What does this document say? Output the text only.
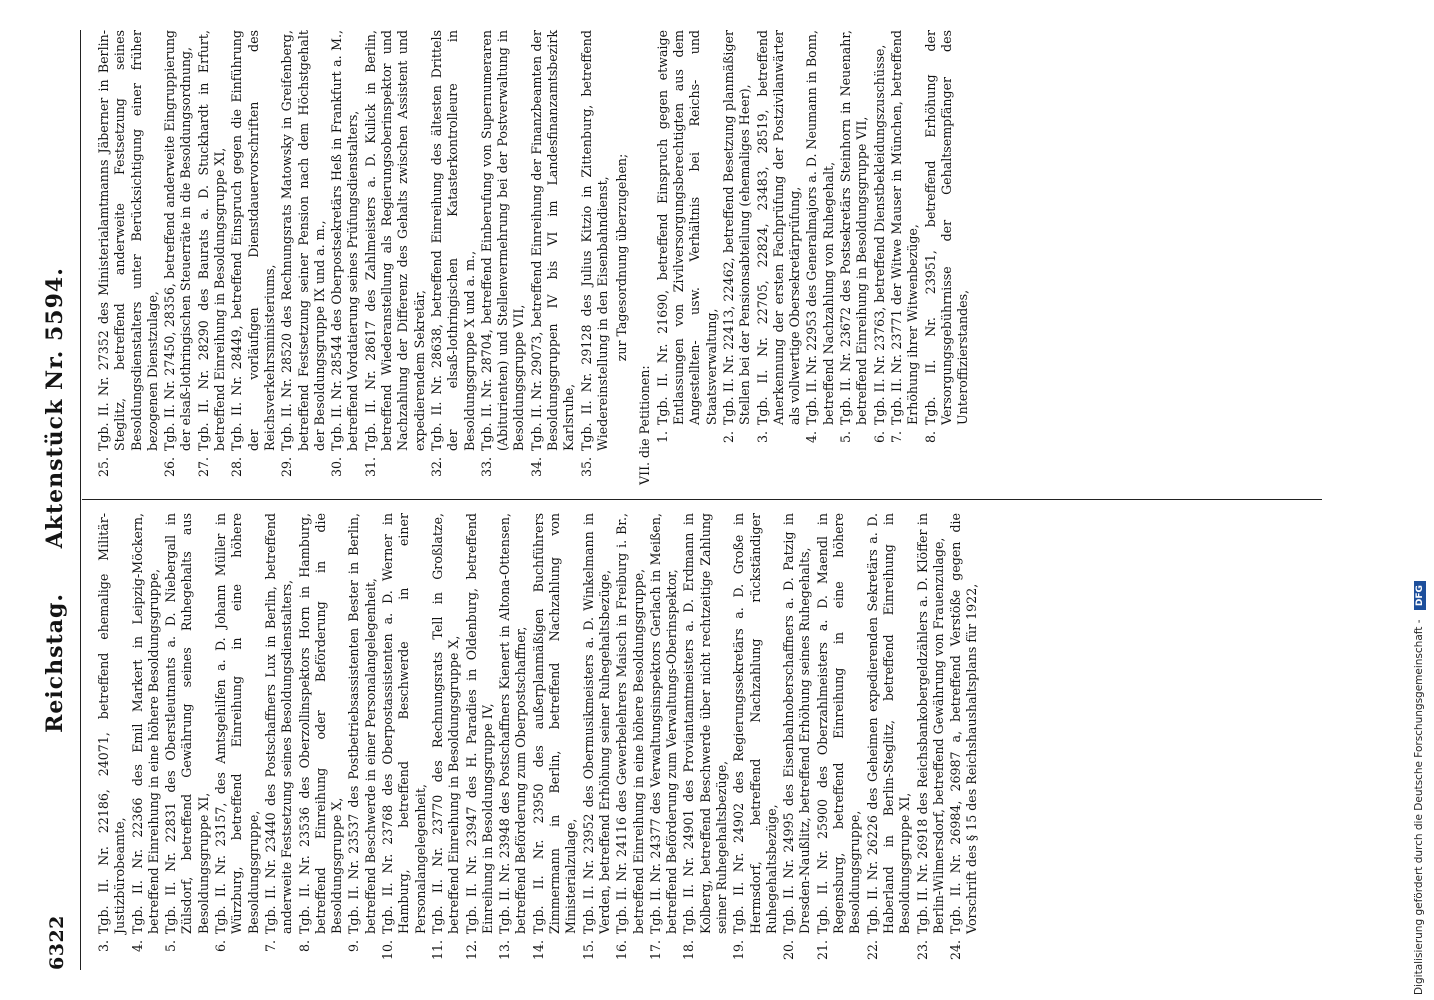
6322
Reichstag. Aktenstück Nr. 5594.
3.
Tgb. II. Nr. 22186, 24071, betreffend ehemalige Militär-Justizbürobeamte,
4.
Tgb. II. Nr. 22366 des Emil Markert in Leipzig-Möckern, betreffend Einreihung in eine höhere Besoldungsgruppe,
5.
Tgb. II. Nr. 22831 des Oberstleutnants a. D. Niebergall in Zülsdorf, betreffend Gewährung seines Ruhegehalts aus Besoldungsgruppe XI,
6.
Tgb. II. Nr. 23157, des Amtsgehilfen a. D. Johann Müller in Würzburg, betreffend Einreihung in eine höhere Besoldungsgruppe,
7.
Tgb. II. Nr. 23440 des Postschaffners Lux in Berlin, betreffend anderweite Festsetzung seines Besoldungsdienstalters,
8.
Tgb. II. Nr. 23536 des Oberzollinspektors Horn in Hamburg, betreffend Einreihung oder Beförderung in die Besoldungsgruppe X,
9.
Tgb. II. Nr. 23537 des Postbetriebsassistenten Bester in Berlin, betreffend Beschwerde in einer Personalangelegenheit,
10.
Tgb. II. Nr. 23768 des Oberpostassistenten a. D. Werner in Hamburg, betreffend Beschwerde in einer Personalangelegenheit,
11.
Tgb. II. Nr. 23770 des Rechnungsrats Tell in Großlatze, betreffend Einreihung in Besoldungsgruppe X,
12.
Tgb. II. Nr. 23947 des H. Paradies in Oldenburg, betreffend Einreihung in Besoldungsgruppe IV,
13.
Tgb. II. Nr. 23948 des Postschaffners Kienert in Altona-Ottensen, betreffend Beförderung zum Oberpostschaffner,
14.
Tgb. II. Nr. 23950 des außerplanmäßigen Buchführers Zimmermann in Berlin, betreffend Nachzahlung von Ministerialzulage,
15.
Tgb. II. Nr. 23952 des Obermusikmeisters a. D. Winkelmann in Verden, betreffend Erhöhung seiner Ruhegehaltsbezüge,
16.
Tgb. II. Nr. 24116 des Gewerbelehrers Maisch in Freiburg i. Br., betreffend Einreihung in eine höhere Besoldungsgruppe,
17.
Tgb. II. Nr. 24377 des Verwaltungsinspektors Gerlach in Meißen, betreffend Beförderung zum Verwaltungs-Oberinspektor,
18.
Tgb. II. Nr. 24901 des Proviantamtmeisters a. D. Erdmann in Kolberg, betreffend Beschwerde über nicht rechtzeitige Zahlung seiner Ruhegehaltsbezüge,
19.
Tgb. II. Nr. 24902 des Regierungssekretärs a. D. Große in Hermsdorf, betreffend Nachzahlung rückständiger Ruhegehaltsbezüge,
20.
Tgb. II. Nr. 24995 des Eisenbahnoberschaffners a. D. Patzig in Dresden-Naußlitz, betreffend Erhöhung seines Ruhegehalts,
21.
Tgb. II. Nr. 25900 des Oberzahlmeisters a. D. Maendl in Regensburg, betreffend Einreihung in eine höhere Besoldungsgruppe,
22.
Tgb. II. Nr. 26226 des Geheimen expedierenden Sekretärs a. D. Haberland in Berlin-Steglitz, betreffend Einreihung in Besoldungsgruppe XI,
23.
Tgb. II. Nr. 26918 des Reichsbankobergeldzählers a. D. Klöffer in Berlin-Wilmersdorf, betreffend Gewährung von Frauenzulage,
24.
Tgb. II. Nr. 26984, 26987 a, betreffend Verstöße gegen die Vorschrift des § 15 des Reichshaushaltsplans für 1922,
25.
Tgb. II. Nr. 27352 des Ministerialamtmanns Jäberner in Berlin-Steglitz, betreffend anderweite Festsetzung seines Besoldungsdienstalters unter Berücksichtigung einer früher bezogenen Dienstzulage,
26.
Tgb. II. Nr. 27450, 28356, betreffend anderweite Eingruppierung der elsaß-lothringischen Steuerräte in die Besoldungsordnung,
27.
Tgb. II. Nr. 28290 des Baurats a. D. Stuckhardt in Erfurt, betreffend Einreihung in Besoldungsgruppe XI,
28.
Tgb. II. Nr. 28449, betreffend Einspruch gegen die Einführung der vorläufigen Dienstdauervorschriften des Reichsverkehrsministeriums,
29.
Tgb. II. Nr. 28520 des Rechnungsrats Matowsky in Greifenberg, betreffend Festsetzung seiner Pension nach dem Höchstgehalt der Besoldungsgruppe IX und a. m.,
30.
Tgb. II. Nr. 28544 des Oberpostsekretärs Heß in Frankfurt a. M., betreffend Vordatierung seines Prüfungsdienstalters,
31.
Tgb. II. Nr. 28617 des Zahlmeisters a. D. Kulick in Berlin, betreffend Wiederanstellung als Regierungsoberinspektor und Nachzahlung der Differenz des Gehalts zwischen Assistent und expedierendem Sekretär,
32.
Tgb. II. Nr. 28638, betreffend Einreihung des ältesten Drittels der elsaß-lothringischen Katasterkontrolleure in Besoldungsgruppe X und a. m.,
33.
Tgb. II. Nr. 28704, betreffend Einberufung von Supernumeraren (Abiturienten) und Stellenvermehrung bei der Postverwaltung in Besoldungsgruppe VII,
34.
Tgb. II. Nr. 29073, betreffend Einreihung der Finanzbeamten der Besoldungsgruppen IV bis VI im Landesfinanzamtsbezirk Karlsruhe,
35.
Tgb. II. Nr. 29128 des Julius Kitzio in Zittenburg, betreffend Wiedereinstellung in den Eisenbahndienst, zur Tagesordnung überzugehen;
VII. die Petitionen: 1.
Tgb. II. Nr. 21690, betreffend Einspruch gegen etwaige Entlassungen von Zivilversorgungsberechtigten aus dem Angestellten- usw. Verhältnis bei Reichs- und Staatsverwaltung,
2.
Tgb. II. Nr. 22413, 22462, betreffend Besetzung planmäßiger Stellen bei der Pensionsabteilung (ehemaliges Heer),
3.
Tgb. II. Nr. 22705, 22824, 23483, 28519, betreffend Anerkennung der ersten Fachprüfung der Postzivilanwärter als vollwertige Obersekretärprüfung,
4.
Tgb. II. Nr. 22953 des Generalmajors a. D. Neumann in Bonn, betreffend Nachzahlung von Ruhegehalt,
5.
Tgb. II. Nr. 23672 des Postsekretärs Steinhorn in Neuenahr, betreffend Einreihung in Besoldungsgruppe VII,
6.
Tgb. II. Nr. 23763, betreffend Dienstbekleidungszuschüsse,
7.
Tgb. II. Nr. 23771 der Witwe Mauser in München, betreffend Erhöhung ihrer Witwenbezüge,
8.
Tgb. II. Nr. 23951, betreffend Erhöhung der Versorgungsgebührnisse der Gehaltsempfänger des Unteroffizierstandes,
Digitalisierung gefördert durch die Deutsche Forschungsgemeinschaft - DFG
